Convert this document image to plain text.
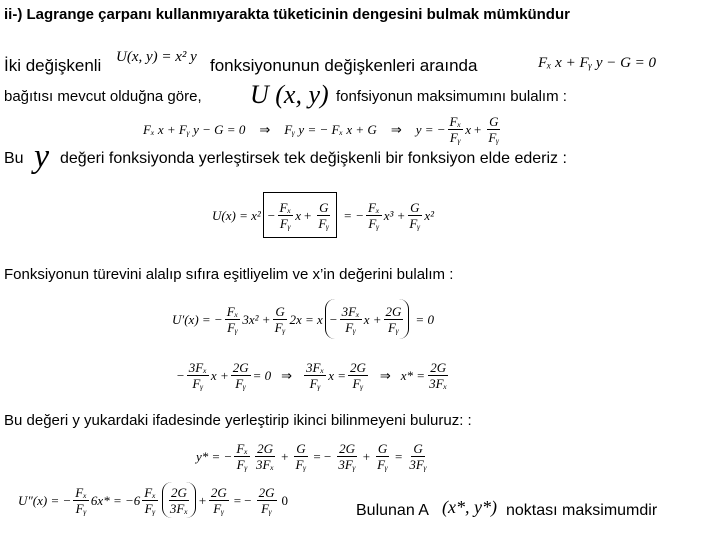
ii-) Lagrange çarpanı kullanmıyarakta tüketicinin dengesini bulmak mümkündur
İki değişkenli U(x, y) = x² y fonksiyonunun değişkenleri araında	Fₓ x + Fᵧ y − G = 0
bağıtısı mevcut olduğna göre, U (x, y) fonfsiyonun maksimumını bulalım :
Fₓ x + Fᵧ y − G = 0 ⇒ Fᵧ y = − Fₓ x + G ⇒ y = − $\frac{\text{Fₓ}}{\text{Fᵧ}}$ $x + \frac{G}{\text{Fᵧ}}$
Bu y değeri fonksiyonda yerleştirsek tek değişkenli bir fonksiyon elde ederiz :
$U(x) = x^2 - \frac{\text{Fₓ}}{\text{Fᵧ}}$ $x + \frac{G}{\text{Fᵧ}}$ = − $\frac{\text{Fₓ}}{\text{Fᵧ}} x^3 + \frac{G}{\text{Fᵧ}} x^2$
Fonksiyonun türevini alalıp sıfıra eşitliyelim ve x’in değerini bulalım :
U′(x) = − $\frac{\text{Fₓ}}{\text{Fᵧ}} 3x^2 + \frac{G}{\text{Fᵧ}} 2x = x - \frac{\text{3Fₓ}}{\text{Fᵧ}}$ $x + \frac{2G}{\text{Fᵧ}} = 0$
− $\frac{\text{3Fₓ}}{\text{Fᵧ}}$ $x + \frac{2G}{\text{Fᵧ}} = 0$ ⇒ $\frac{\text{3Fₓ}}{\text{Fᵧ}}$ $x = \frac{2G}{\text{Fᵧ}}$ ⇒ $x* = \frac{2G}{\text{3Fₓ}}$
Bu değeri y yukardaki ifadesinde yerleştirip ikinci bilinmeyeni buluruz: :
y* = − $\frac{\text{Fₓ}}{\text{Fᵧ}} \frac{2G}{\text{3Fₓ}} + \frac{G}{\text{Fᵧ}}$ = − $\frac{2G}{\text{3Fᵧ}} + \frac{G}{\text{Fᵧ}} = \frac{G}{\text{3Fᵧ}}$
U″(x) = − $\frac{\text{Fₓ}}{\text{Fᵧ}} 6x* = -6 \frac{\text{Fₓ}}{\text{Fᵧ}} \frac{2G}{\text{3Fₓ}} + \frac{2G}{\text{Fᵧ}}$ = − $\frac{2G}{\text{Fᵧ}} 0$
Bulunan A (x*, y*) noktası maksimumdir
